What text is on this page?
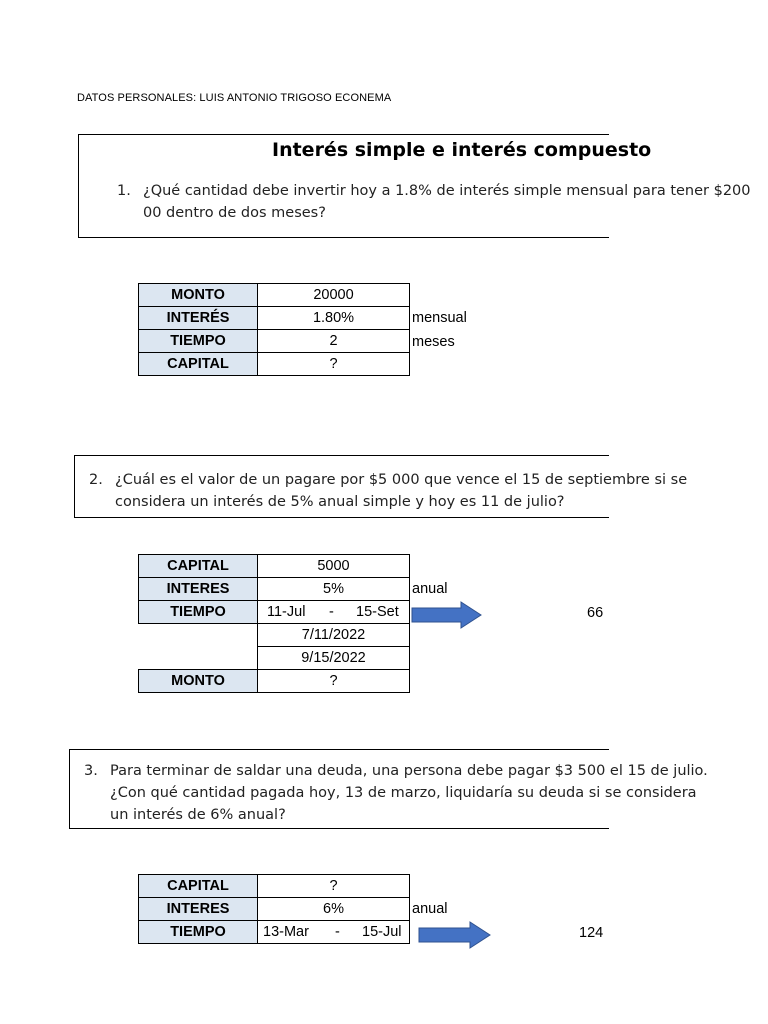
DATOS PERSONALES: LUIS ANTONIO TRIGOSO ECONEMA
Interés simple e interés compuesto
1. ¿Qué cantidad debe invertir hoy a 1.8% de interés simple mensual para tener $200
00 dentro de dos meses?
MONTO	20000
INTERÉS	1.80%
TIEMPO	2
CAPITAL	?
mensual
meses
2. ¿Cuál es el valor de un pagare por $5 000 que vence el 15 de septiembre si se
considera un interés de 5% anual simple y hoy es 11 de julio?
CAPITAL	5000
INTERES	5%
TIEMPO	11-Jul - 15-Set

	7/11/2022
	9/15/2022
MONTO	?
anual
66
3. Para terminar de saldar una deuda, una persona debe pagar $3 500 el 15 de julio.
¿Con qué cantidad pagada hoy, 13 de marzo, liquidaría su deuda si se considera
un interés de 6% anual?
CAPITAL	?
INTERES	6%
TIEMPO	13-Mar - 15-Jul
anual
124
